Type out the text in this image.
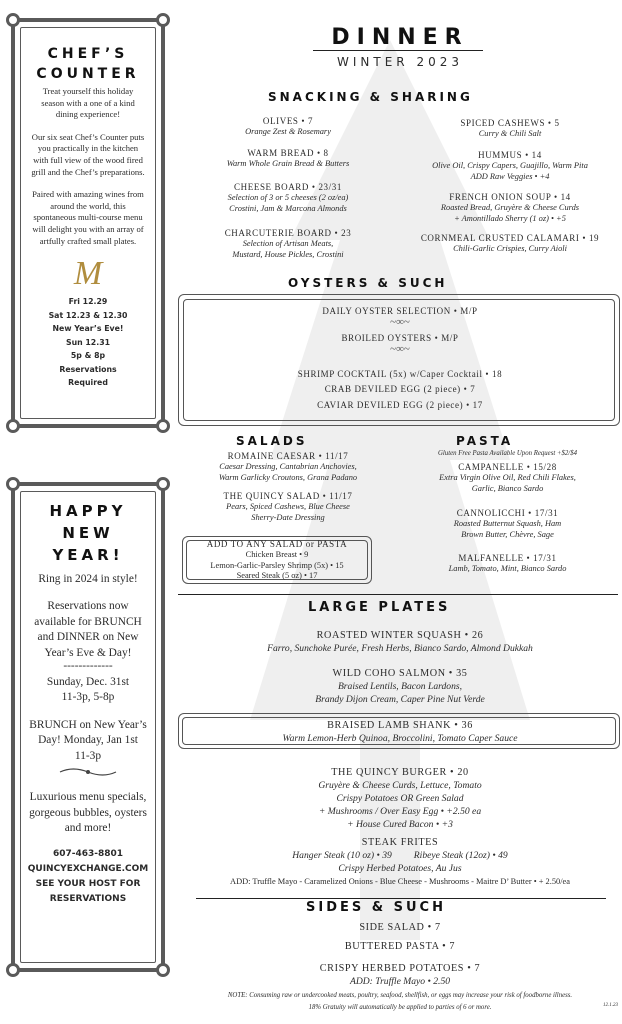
CHEF’S
COUNTER
Treat yourself this holiday season with a one of a kind dining experience!
Our six seat Chef’s Counter puts you practically in the kitchen with full view of the wood fired grill and the Chef’s preparations.
Paired with amazing wines from around the world, this spontaneous multi-course menu will delight you with an array of artfully crafted small plates.
M
Fri 12.29
Sat 12.23 & 12.30
New Year’s Eve!
Sun 12.31
5p & 8p
Reservations
Required
HAPPY
NEW
YEAR!
Ring in 2024 in style!
Reservations now available for BRUNCH and DINNER on New Year’s Eve & Day!
-------------
Sunday, Dec. 31st
11-3p, 5-8p
BRUNCH on New Year’s Day! Monday, Jan 1st
11-3p
Luxurious menu specials, gorgeous bubbles, oysters and more!
607-463-8801
QUINCYEXCHANGE.COM
SEE YOUR HOST FOR RESERVATIONS
DINNER
WINTER 2023
SNACKING & SHARING
OLIVES • 7
Orange Zest & Rosemary
WARM BREAD • 8
Warm Whole Grain Bread & Butters
CHEESE BOARD • 23/31
Selection of 3 or 5 cheeses (2 oz/ea)
Crostini, Jam & Marcona Almonds
CHARCUTERIE BOARD • 23
Selection of Artisan Meats,
Mustard, House Pickles, Crostini
SPICED CASHEWS • 5
Curry & Chili Salt
HUMMUS • 14
Olive Oil, Crispy Capers, Guajillo, Warm Pita
ADD Raw Veggies • +4
FRENCH ONION SOUP • 14
Roasted Bread, Gruyère & Cheese Curds
+ Amontillado Sherry (1 oz) • +5
CORNMEAL CRUSTED CALAMARI • 19
Chili-Garlic Crispies, Curry Aioli
OYSTERS & SUCH
DAILY OYSTER SELECTION • M/P
~∞~
BROILED OYSTERS • M/P
~∞~
SHRIMP COCKTAIL (5x) w/Caper Cocktail • 18
CRAB DEVILED EGG (2 piece) • 7
CAVIAR DEVILED EGG (2 piece) • 17
SALADS
ROMAINE CAESAR • 11/17
Caesar Dressing, Cantabrian Anchovies,
Warm Garlicky Croutons, Grana Padano
THE QUINCY SALAD • 11/17
Pears, Spiced Cashews, Blue Cheese
Sherry-Date Dressing
ADD TO ANY SALAD or PASTA
Chicken Breast • 9
Lemon-Garlic-Parsley Shrimp (5x) • 15
Seared Steak (5 oz) • 17
PASTA
Gluten Free Pasta Available Upon Request +$2/$4
CAMPANELLE • 15/28
Extra Virgin Olive Oil, Red Chili Flakes,
Garlic, Bianco Sardo
CANNOLICCHI • 17/31
Roasted Butternut Squash, Ham
Brown Butter, Chèvre, Sage
MALFANELLE • 17/31
Lamb, Tomato, Mint, Bianco Sardo
LARGE PLATES
ROASTED WINTER SQUASH • 26
Farro, Sunchoke Purée, Fresh Herbs, Bianco Sardo, Almond Dukkah
WILD COHO SALMON • 35
Braised Lentils, Bacon Lardons,
Brandy Dijon Cream, Caper Pine Nut Verde
BRAISED LAMB SHANK • 36
Warm Lemon-Herb Quinoa, Broccolini, Tomato Caper Sauce
THE QUINCY BURGER • 20
Gruyère & Cheese Curds, Lettuce, Tomato
Crispy Potatoes OR Green Salad
+ Mushrooms / Over Easy Egg • +2.50 ea
+ House Cured Bacon • +3
STEAK FRITES
Hanger Steak (10 oz) • 39 Ribeye Steak (12oz) • 49
Crispy Herbed Potatoes, Au Jus
ADD: Truffle Mayo - Caramelized Onions - Blue Cheese - Mushrooms - Maitre D’ Butter • + 2.50/ea
SIDES & SUCH
SIDE SALAD • 7
BUTTERED PASTA • 7
CRISPY HERBED POTATOES • 7
ADD: Truffle Mayo • 2.50
NOTE: Consuming raw or undercooked meats, poultry, seafood, shellfish, or eggs may increase your risk of foodborne illness.
18% Gratuity will automatically be applied to parties of 6 or more.	12.1.23
